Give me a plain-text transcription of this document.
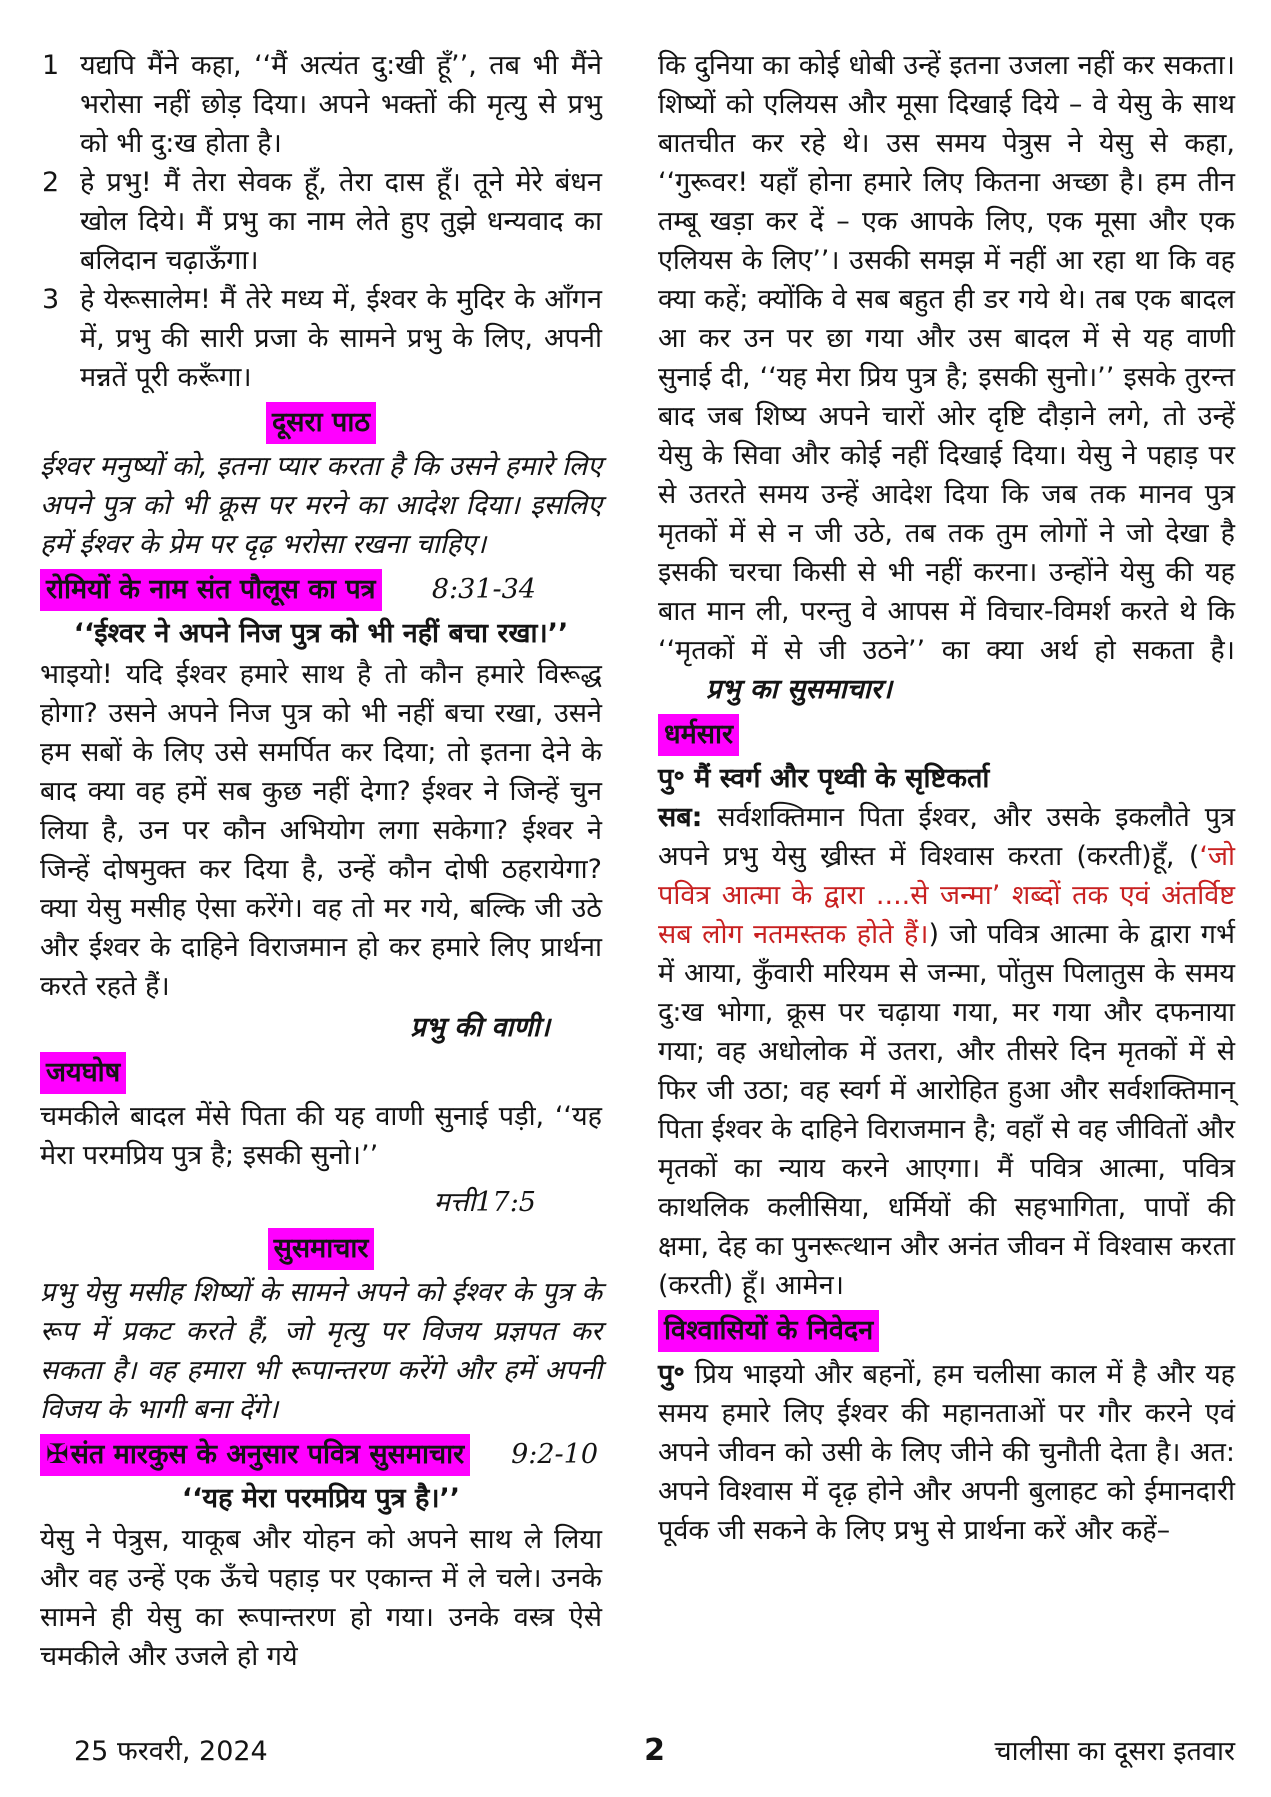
1 यद्यपि मैंने कहा, ‘‘मैं अत्यंत दु:खी हूँ’’, तब भी मैंने भरोसा नहीं छोड़ दिया। अपने भक्तों की मृत्यु से प्रभु को भी दु:ख होता है।
2 हे प्रभु! मैं तेरा सेवक हूँ, तेरा दास हूँ। तूने मेरे बंधन खोल दिये। मैं प्रभु का नाम लेते हुए तुझे धन्यवाद का बलिदान चढ़ाऊँगा।
3 हे येरूसालेम! मैं तेरे मध्य में, ईश्वर के मुदिर के आँगन में, प्रभु की सारी प्रजा के सामने प्रभु के लिए, अपनी मन्नतें पूरी करूँगा।
दूसरा पाठ

ईश्वर मनुष्यों को, इतना प्यार करता है कि उसने हमारे लिए अपने पुत्र को भी क्रूस पर मरने का आदेश दिया। इसलिए हमें ईश्वर के प्रेम पर दृढ़ भरोसा रखना चाहिए।

रोमियों के नाम संत पौलूस का पत्र 8:31-34
‘‘ईश्वर ने अपने निज पुत्र को भी नहीं बचा रखा।’’

भाइयो! यदि ईश्वर हमारे साथ है तो कौन हमारे विरूद्ध होगा? उसने अपने निज पुत्र को भी नहीं बचा रखा, उसने हम सबों के लिए उसे समर्पित कर दिया; तो इतना देने के बाद क्या वह हमें सब कुछ नहीं देगा? ईश्वर ने जिन्हें चुन लिया है, उन पर कौन अभियोग लगा सकेगा? ईश्वर ने जिन्हें दोषमुक्त कर दिया है, उन्हें कौन दोषी ठहरायेगा? क्या येसु मसीह ऐसा करेंगे। वह तो मर गये, बल्कि जी उठे और ईश्वर के दाहिने विराजमान हो कर हमारे लिए प्रार्थना करते रहते हैं।

प्रभु की वाणी।
जयघोष

चमकीले बादल मेंसे पिता की यह वाणी सुनाई पड़ी, ‘‘यह मेरा परमप्रिय पुत्र है; इसकी सुनो।’’

मत्ती17:5
सुसमाचार

प्रभु येसु मसीह शिष्यों के सामने अपने को ईश्वर के पुत्र के रूप में प्रकट करते हैं, जो मृत्यु पर विजय प्रज्ञपत कर सकता है। वह हमारा भी रूपान्तरण करेंगे और हमें अपनी विजय के भागी बना देंगे।

✠संत मारकुस के अनुसार पवित्र सुसमाचार 9:2-10
‘‘यह मेरा परमप्रिय पुत्र है।’’

येसु ने पेत्रुस, याकूब और योहन को अपने साथ ले लिया और वह उन्हें एक ऊँचे पहाड़ पर एकान्त में ले चले। उनके सामने ही येसु का रूपान्तरण हो गया। उनके वस्त्र ऐसे चमकीले और उजले हो गये

कि दुनिया का कोई धोबी उन्हें इतना उजला नहीं कर सकता। शिष्यों को एलियस और मूसा दिखाई दिये – वे येसु के साथ बातचीत कर रहे थे। उस समय पेत्रुस ने येसु से कहा, ‘‘गुरूवर! यहाँ होना हमारे लिए कितना अच्छा है। हम तीन तम्बू खड़ा कर दें – एक आपके लिए, एक मूसा और एक एलियस के लिए’’। उसकी समझ में नहीं आ रहा था कि वह क्या कहें; क्योंकि वे सब बहुत ही डर गये थे। तब एक बादल आ कर उन पर छा गया और उस बादल में से यह वाणी सुनाई दी, ‘‘यह मेरा प्रिय पुत्र है; इसकी सुनो।’’ इसके तुरन्त बाद जब शिष्य अपने चारों ओर दृष्टि दौड़ाने लगे, तो उन्हें येसु के सिवा और कोई नहीं दिखाई दिया। येसु ने पहाड़ पर से उतरते समय उन्हें आदेश दिया कि जब तक मानव पुत्र मृतकों में से न जी उठे, तब तक तुम लोगों ने जो देखा है इसकी चरचा किसी से भी नहीं करना। उन्होंने येसु की यह बात मान ली, परन्तु वे आपस में विचार-विमर्श करते थे कि ‘‘मृतकों में से जी उठने’’ का क्या अर्थ हो सकता है।प्रभु का सुसमाचार।

धर्मसार

पु॰ मैं स्वर्ग और पृथ्वी के सृष्टिकर्ता

सब: सर्वशक्तिमान पिता ईश्वर, और उसके इकलौते पुत्र अपने प्रभु येसु ख्रीस्त में विश्वास करता (करती)हूँ, (‘जो पवित्र आत्मा के द्वारा ....से जन्मा’ शब्दों तक एवं अंतर्विष्ट सब लोग नतमस्तक होते हैं।) जो पवित्र आत्मा के द्वारा गर्भ में आया, कुँवारी मरियम से जन्मा, पोंतुस पिलातुस के समय दु:ख भोगा, क्रूस पर चढ़ाया गया, मर गया और दफनाया गया; वह अधोलोक में उतरा, और तीसरे दिन मृतकों में से फिर जी उठा; वह स्वर्ग में आरोहित हुआ और सर्वशक्तिमान् पिता ईश्वर के दाहिने विराजमान है; वहाँ से वह जीवितों और मृतकों का न्याय करने आएगा। मैं पवित्र आत्मा, पवित्र काथलिक कलीसिया, धर्मियों की सहभागिता, पापों की क्षमा, देह का पुनरूत्थान और अनंत जीवन में विश्वास करता (करती) हूँ। आमेन।

विश्वासियों के निवेदन

पु॰ प्रिय भाइयो और बहनों, हम चलीसा काल में है और यह समय हमारे लिए ईश्वर की महानताओं पर गौर करने एवं अपने जीवन को उसी के लिए जीने की चुनौती देता है। अत: अपने विश्वास में दृढ़ होने और अपनी बुलाहट को ईमानदारी पूर्वक जी सकने के लिए प्रभु से प्रार्थना करें और कहें–

25 फरवरी, 2024	2	चालीसा का दूसरा इतवार
